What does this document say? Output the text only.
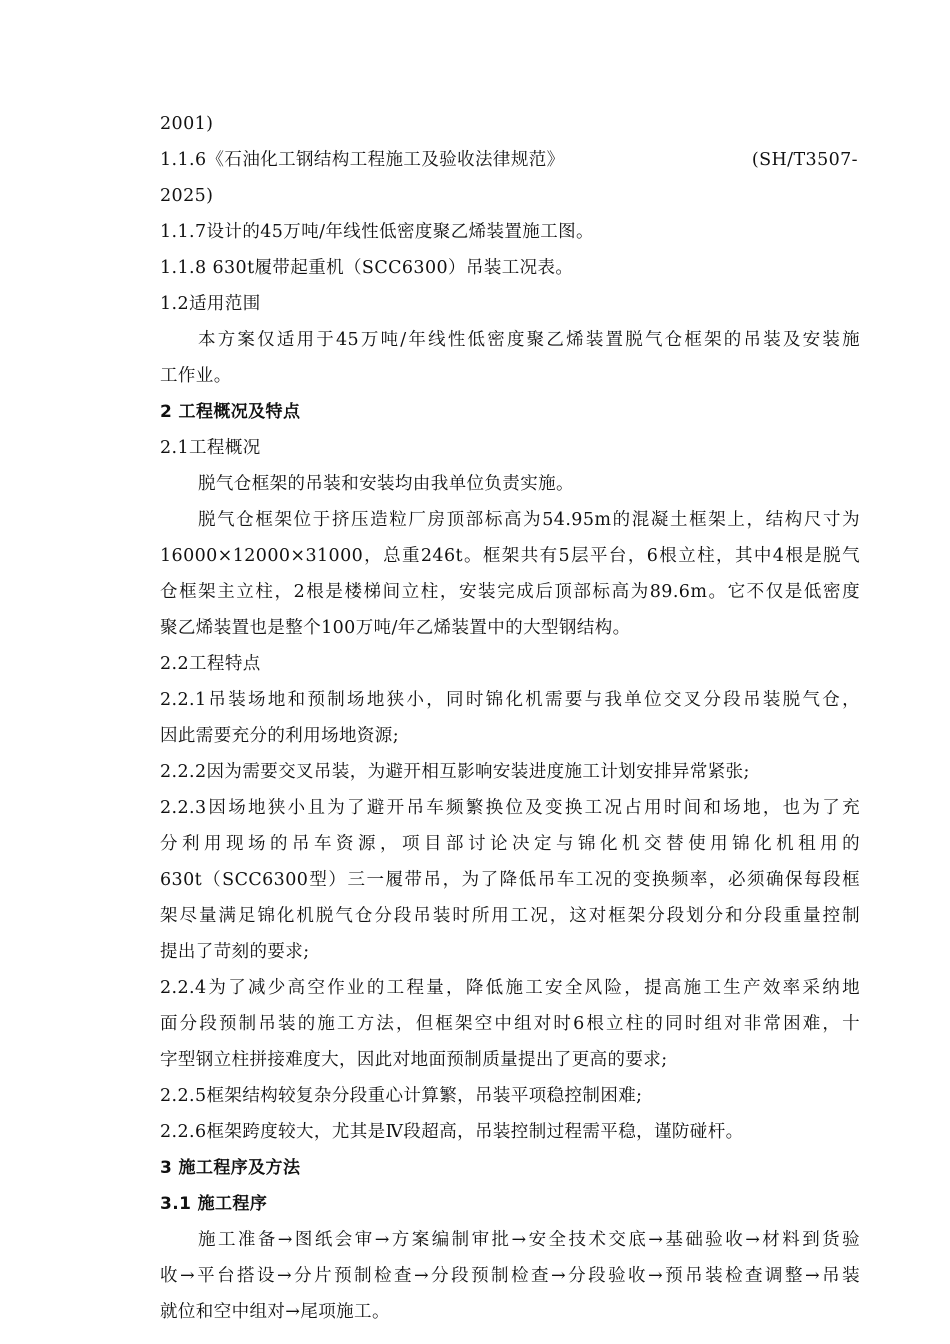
2001)
1.1.6《石油化工钢结构工程施工及验收法律规范》	(SH/T3507-
2025)
1.1.7设计的45万吨/年线性低密度聚乙烯装置施工图。
1.1.8 630t履带起重机（SCC6300）吊装工况表。
1.2适用范围
本方案仅适用于45万吨/年线性低密度聚乙烯装置脱气仓框架的吊装及安装施
工作业。
2 工程概况及特点
2.1工程概况
脱气仓框架的吊装和安装均由我单位负责实施。
脱气仓框架位于挤压造粒厂房顶部标高为54.95m的混凝土框架上，结构尺寸为
16000×12000×31000，总重246t。框架共有5层平台，6根立柱，其中4根是脱气
仓框架主立柱，2根是楼梯间立柱，安装完成后顶部标高为89.6m。它不仅是低密度
聚乙烯装置也是整个100万吨/年乙烯装置中的大型钢结构。
2.2工程特点
2.2.1吊装场地和预制场地狭小，同时锦化机需要与我单位交叉分段吊装脱气仓，
因此需要充分的利用场地资源;
2.2.2因为需要交叉吊装，为避开相互影响安装进度施工计划安排异常紧张;
2.2.3因场地狭小且为了避开吊车频繁换位及变换工况占用时间和场地，也为了充
分利用现场的吊车资源，项目部讨论决定与锦化机交替使用锦化机租用的
630t（SCC6300型）三一履带吊，为了降低吊车工况的变换频率，必须确保每段框
架尽量满足锦化机脱气仓分段吊装时所用工况，这对框架分段划分和分段重量控制
提出了苛刻的要求;
2.2.4为了减少高空作业的工程量，降低施工安全风险，提高施工生产效率采纳地
面分段预制吊装的施工方法，但框架空中组对时6根立柱的同时组对非常困难，十
字型钢立柱拼接难度大，因此对地面预制质量提出了更高的要求;
2.2.5框架结构较复杂分段重心计算繁，吊装平项稳控制困难;
2.2.6框架跨度较大，尤其是Ⅳ段超高，吊装控制过程需平稳，谨防碰杆。
3 施工程序及方法
3.1 施工程序
施工准备→图纸会审→方案编制审批→安全技术交底→基础验收→材料到货验
收→平台搭设→分片预制检查→分段预制检查→分段验收→预吊装检查调整→吊装
就位和空中组对→尾项施工。
